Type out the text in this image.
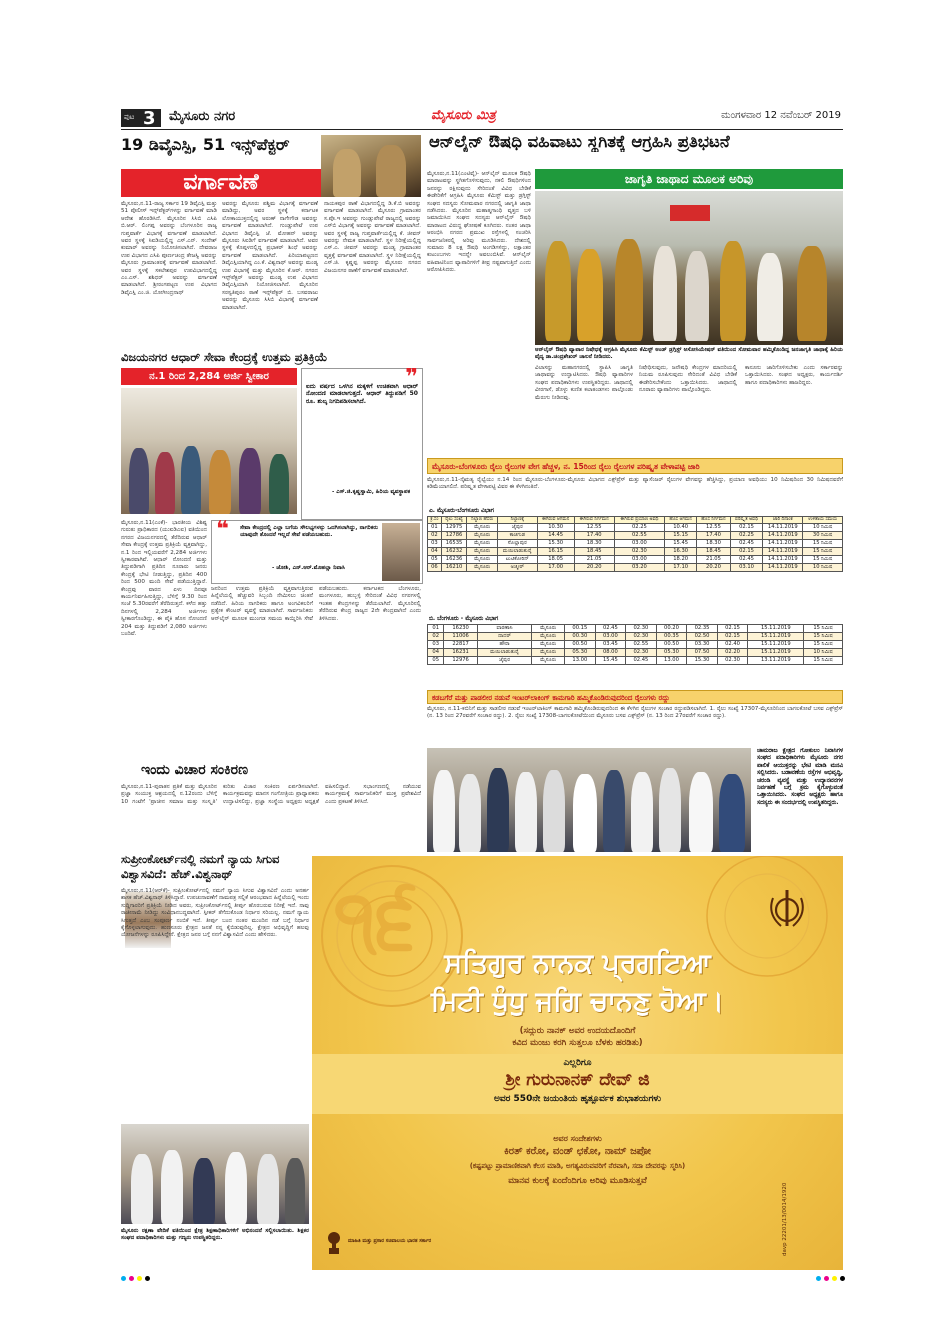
ಪುಟ 3 ಮೈಸೂರು ನಗರ	ಮೈಸೂರು ಮಿತ್ರ	ಮಂಗಳವಾರ 12 ನವೆಂಬರ್ 2019
19 ಡಿವೈಎಸ್ಪಿ, 51 ಇನ್ಸ್‌ಪೆಕ್ಟರ್
ವರ್ಗಾವಣೆ
ಮೈಸೂರು,ನ.11-ರಾಜ್ಯ ಸರ್ಕಾರ 19 ಡಿವೈಎಸ್ಪಿ ಮತ್ತು 51 ಪೊಲೀಸ್ ಇನ್ಸ್‌ಪೆಕ್ಟರ್‌ಗಳನ್ನು ವರ್ಗಾವಣೆ ಮಾಡಿ ಆದೇಶ ಹೊರಡಿಸಿದೆ. ಮೈಸೂರಿನ ಸಿಸಿಬಿ ಎಸಿಪಿ ಬಿ.ಆರ್. ಲಿಂಗಪ್ಪ ಅವರನ್ನು ಬೆಂಗಳೂರಿನ ರಾಜ್ಯ ಗುಪ್ತವಾರ್ತೆ ವಿಭಾಗಕ್ಕೆ ವರ್ಗಾವಣೆ ಮಾಡಲಾಗಿದೆ. ಅವರ ಸ್ಥಳಕ್ಕೆ ಸಿಐಡಿಯಲ್ಲಿದ್ದ ಎಸ್.ಎನ್. ಸಂದೇಶ್ ಕುಮಾರ್ ಅವರನ್ನು ನಿಯೋಜಿಸಲಾಗಿದೆ. ದೇವರಾಜ ಉಪ ವಿಭಾಗದ ಎಸಿಪಿ ಪೂರ್ಣಚಂದ್ರ ತೇಜಸ್ವಿ ಅವರನ್ನು ಮೈಸೂರು ಗ್ರಾಮಾಂತರಕ್ಕೆ ವರ್ಗಾವಣೆ ಮಾಡಲಾಗಿದೆ. ಅವರ ಸ್ಥಳಕ್ಕೆ ಸಕಲೇಶಪುರ ಉಪವಿಭಾಗದಲ್ಲಿದ್ದ ಎಂ.ಎಸ್. ಶಶಿಧರ್ ಅವರನ್ನು ವರ್ಗಾವಣೆ ಮಾಡಲಾಗಿದೆ. ಶ್ರೀರಂಗಪಟ್ಟಣ ಉಪ ವಿಭಾಗದ ಡಿವೈಎಸ್ಪಿ ಎಂ.ಜಿ. ಯೋಗೀಂದ್ರನಾಥ್
ಅವರನ್ನು ಮೈಸೂರು ಪಶ್ಚಿಮ ವಿಭಾಗಕ್ಕೆ ವರ್ಗಾವಣೆ ಮಾಡಿದ್ದು, ಅವರ ಸ್ಥಳಕ್ಕೆ ಕರ್ನಾಟಕ ಲೋಕಾಯುಕ್ತದಲ್ಲಿದ್ದ ಅರುಣ್ ನಾಗೇಗೌಡ ಅವರನ್ನು ವರ್ಗಾವಣೆ ಮಾಡಲಾಗಿದೆ. ಗುಂಡ್ಲುಪೇಟೆ ಉಪ ವಿಭಾಗದ ಡಿವೈಎಸ್ಪಿ ಜೆ. ಮೋಹನ್ ಅವರನ್ನು ಮೈಸೂರು ಸಿಐಡಿಗೆ ವರ್ಗಾವಣೆ ಮಾಡಲಾಗಿದೆ. ಅವರ ಸ್ಥಳಕ್ಕೆ ಕೊಪ್ಪಳದಲ್ಲಿದ್ದ ಪ್ರಭಾಕರ್ ಶಿಂಧೆ ಅವರನ್ನು ವರ್ಗಾವಣೆ ಮಾಡಲಾಗಿದೆ. ಪಿರಿಯಾಪಟ್ಟಣದ ಡಿವೈಎಸ್ಪಿಯಾಗಿದ್ದ ಎಂ.ಕೆ. ವಿಶ್ವನಾಥ್ ಅವರನ್ನು ಮಂಡ್ಯ ಉಪ ವಿಭಾಗಕ್ಕೆ ಮತ್ತು ಮೈಸೂರಿನ ಕೆ.ಆರ್. ನಗರದ ಇನ್ಸ್‌ಪೆಕ್ಟರ್ ಅವರನ್ನು ಮಂಡ್ಯ ಉಪ ವಿಭಾಗದ ಡಿವೈಎಸ್ಪಿಯಾಗಿ ನಿಯೋಜಿಸಲಾಗಿದೆ. ಮೈಸೂರಿನ ಸರಸ್ವತಿಪುರಂ ಠಾಣೆ ಇನ್ಸ್‌ಪೆಕ್ಟರ್ ಬಿ. ಬಸವರಾಜು ಅವರನ್ನು ಮೈಸೂರು ಸಿಸಿಬಿ ವಿಭಾಗಕ್ಕೆ ವರ್ಗಾವಣೆ ಮಾಡಲಾಗಿದೆ.
ನಾಯಕಪುರ ಠಾಣೆ ವಿಭಾಗದಲ್ಲಿದ್ದ ಡಿ.ಕೆ.ಬಿ ಅವರನ್ನು ವರ್ಗಾವಣೆ ಮಾಡಲಾಗಿದೆ. ಮೈಸೂರು ಗ್ರಾಮಾಂತರ ಸ.ಪೊ.ಇ ಅವರನ್ನು ಗುಂಡ್ಲುಪೇಟೆ ರಾಜ್ಯದಲ್ಲಿ ಅವರನ್ನು ಎಸ್‌ಬಿ ವಿಭಾಗಕ್ಕೆ ಅವರನ್ನು ವರ್ಗಾವಣೆ ಮಾಡಲಾಗಿದೆ. ಅವರ ಸ್ಥಳಕ್ಕೆ ರಾಜ್ಯ ಗುಪ್ತವಾರ್ತೆಯಲ್ಲಿದ್ದ ಕೆ. ಜೀವನ್ ಅವರನ್ನು ನೇಮಕ ಮಾಡಲಾಗಿದೆ. ಸ್ಥಳ ನಿರೀಕ್ಷೆಯಲ್ಲಿದ್ದ ಎಸ್.ಎ. ಜೀವನ್ ಅವರನ್ನು ಮಂಡ್ಯ ಗ್ರಾಮಾಂತರ ವೃತ್ತಕ್ಕೆ ವರ್ಗಾವಣೆ ಮಾಡಲಾಗಿದೆ. ಸ್ಥಳ ನಿರೀಕ್ಷೆಯಲ್ಲಿದ್ದ ಎಸ್.ಜಿ. ಕೃಷ್ಣಪ್ಪ ಅವರನ್ನು ಮೈಸೂರು ನಗರದ ವಿಜಯನಗರ ಠಾಣೆಗೆ ವರ್ಗಾವಣೆ ಮಾಡಲಾಗಿದೆ.
ಆನ್‌ಲೈನ್ ಔಷಧಿ ವಹಿವಾಟು ಸ್ಥಗಿತಕ್ಕೆ ಆಗ್ರಹಿಸಿ ಪ್ರತಿಭಟನೆ
ಜಾಗೃತಿ ಜಾಥಾದ ಮೂಲಕ ಅರಿವು
ಮೈಸೂರು,ನ.11(ಎಂಟಿವೈ)- ಆನ್‌ಲೈನ್ ಮೂಲಕ ಔಷಧಿ ಮಾರಾಟವನ್ನು ಸ್ಥಗಿತಗೊಳಿಸುವುದು, ನಕಲಿ ಔಷಧಿಗಳಿಂದ ಜನರನ್ನು ರಕ್ಷಿಸುವುದು ಸೇರಿದಂತೆ ವಿವಿಧ ಬೇಡಿಕೆ ಈಡೇರಿಕೆಗೆ ಆಗ್ರಹಿಸಿ ಮೈಸೂರು ಕೆಮಿಸ್ಟ್ ಮತ್ತು ಡ್ರಗ್ಗಿಸ್ಟ್ ಸಂಘದ ಸದಸ್ಯರು ಸೋಮವಾರ ನಗರದಲ್ಲಿ ಜಾಗೃತಿ ಜಾಥಾ ನಡೆಸಿದರು. ಮೈಸೂರಿನ ಮಹಾತ್ಮಗಾಂಧಿ ವೃತ್ತದ ಬಳಿ ಜಮಾಯಿಸಿದ ಸಂಘದ ಸದಸ್ಯರು ಆನ್‌ಲೈನ್ ಔಷಧಿ ಮಾರಾಟದ ವಿರುದ್ಧ ಘೋಷಣೆ ಕೂಗಿದರು. ನಂತರ ಜಾಥಾ ಆರಂಭಿಸಿ ನಗರದ ಪ್ರಮುಖ ರಸ್ತೆಗಳಲ್ಲಿ ಸಂಚರಿಸಿ ಸಾರ್ವಜನಿಕರಲ್ಲಿ ಅರಿವು ಮೂಡಿಸಿದರು. ದೇಶದಲ್ಲಿ ಸುಮಾರು 8 ಲಕ್ಷ ಔಷಧಿ ಅಂಗಡಿಗಳಿದ್ದು, ಲಕ್ಷಾಂತರ ಕುಟುಂಬಗಳು ಇದನ್ನೇ ಅವಲಂಬಿಸಿವೆ. ಆನ್‌ಲೈನ್ ವಹಿವಾಟಿನಿಂದ ವ್ಯಾಪಾರಿಗಳಿಗೆ ತೀವ್ರ ನಷ್ಟವಾಗುತ್ತಿದೆ ಎಂದು ಆರೋಪಿಸಿದರು.
ಆನ್‌ಲೈನ್ ಔಷಧಿ ವ್ಯಾಪಾರ ನಿಷೇಧಕ್ಕೆ ಆಗ್ರಹಿಸಿ ಮೈಸೂರು ಕೆಮಿಸ್ಟ್ ಅಂಡ್ ಡ್ರಗ್ಗಿಸ್ಟ್ ಅಸೋಸಿಯೇಷನ್ ವತಿಯಿಂದ ಸೋಮವಾರ ಹಮ್ಮಿಕೊಂಡಿದ್ದ ಜನಜಾಗೃತಿ ಜಾಥಾಕ್ಕೆ ಹಿರಿಯ ವೈದ್ಯ ಡಾ.ಚಂದ್ರಶೇಖರ್ ಚಾಲನೆ ನೀಡಿದರು.
ವಿಲಾಸನ್ನು ಮಹಾನಗರದಲ್ಲಿ ಸ್ಥಾಪಿಸಿ ಜಾಗೃತಿ ಜಾಥಾವನ್ನು ಉದ್ಘಾಟಿಸಿದರು. ಔಷಧಿ ವ್ಯಾಪಾರಿಗಳ ಸಂಘದ ಪದಾಧಿಕಾರಿಗಳು ಉಪಸ್ಥಿತರಿದ್ದರು. ಜಾಥಾದಲ್ಲಿ ವೀರಗಾಸೆ, ಡೊಳ್ಳು ಕುಣಿತ ಕಲಾತಂಡಗಳು ಪಾಲ್ಗೊಂಡು ಮೆರುಗು ನೀಡಿದವು.
ನಿಷೇಧಿಸುವುದು, ಜನೌಷಧಿ ಕೇಂದ್ರಗಳ ಮಾದರಿಯಲ್ಲಿ ನಿಯಮ ರೂಪಿಸುವುದು ಸೇರಿದಂತೆ ವಿವಿಧ ಬೇಡಿಕೆ ಈಡೇರಿಸಬೇಕೆಂದು ಒತ್ತಾಯಿಸಿದರು. ಜಾಥಾದಲ್ಲಿ ನೂರಾರು ವ್ಯಾಪಾರಿಗಳು ಪಾಲ್ಗೊಂಡಿದ್ದರು.
ಕಾನೂನು ಜಾರಿಗೊಳಿಸಬೇಕು ಎಂದು ಸರ್ಕಾರವನ್ನು ಒತ್ತಾಯಿಸಿದರು. ಸಂಘದ ಅಧ್ಯಕ್ಷರು, ಕಾರ್ಯದರ್ಶಿ ಹಾಗೂ ಪದಾಧಿಕಾರಿಗಳು ಹಾಜರಿದ್ದರು.
ವಿಜಯನಗರ ಆಧಾರ್ ಸೇವಾ ಕೇಂದ್ರಕ್ಕೆ ಉತ್ತಮ ಪ್ರತಿಕ್ರಿಯೆ
ನ.1 ರಿಂದ 2,284 ಅರ್ಜಿ ಸ್ವೀಕಾರ	❞
ಐದು ವರ್ಷದ ಒಳಗಿನ ಮಕ್ಕಳಿಗೆ ಉಚಿತವಾಗಿ ಆಧಾರ್ ನೋಂದಣಿ ಮಾಡಲಾಗುತ್ತದೆ. ಆಧಾರ್ ತಿದ್ದುಪಡಿಗೆ 50 ರೂ. ಶುಲ್ಕ ನಿಗದಿಪಡಿಸಲಾಗಿದೆ.
- ಎಸ್.ಜಿ.ಕೃಷ್ಣಸ್ವಾಮಿ, ಹಿರಿಯ ವ್ಯವಸ್ಥಾಪಕ
ಮೈಸೂರು,ನ.11(ಎಂಕೆ)- ಭಾರತೀಯ ವಿಶಿಷ್ಟ ಗುರುತು ಪ್ರಾಧಿಕಾರದ (ಯುಐಡಿಎಐ) ವತಿಯಿಂದ ನಗರದ ವಿಜಯನಗರದಲ್ಲಿ ತೆರೆದಿರುವ ಆಧಾರ್ ಸೇವಾ ಕೇಂದ್ರಕ್ಕೆ ಉತ್ತಮ ಪ್ರತಿಕ್ರಿಯೆ ವ್ಯಕ್ತವಾಗಿದ್ದು, ನ.1 ರಿಂದ ಇಲ್ಲಿಯವರೆಗೆ 2,284 ಅರ್ಜಿಗಳು ಸ್ವೀಕಾರವಾಗಿವೆ. ಆಧಾರ್ ನೋಂದಣಿ ಮತ್ತು ತಿದ್ದುಪಡಿಗಾಗಿ ಪ್ರತಿದಿನ ನೂರಾರು ಜನರು ಕೇಂದ್ರಕ್ಕೆ ಭೇಟಿ ನೀಡುತ್ತಿದ್ದು, ಪ್ರತಿದಿನ 400 ರಿಂದ 500 ಮಂದಿ ಸೇವೆ ಪಡೆಯುತ್ತಿದ್ದಾರೆ. ಕೇಂದ್ರವು ವಾರದ ಏಳು ದಿನವೂ ಕಾರ್ಯನಿರ್ವಹಿಸುತ್ತಿದ್ದು, ಬೆಳಿಗ್ಗೆ 9.30 ರಿಂದ ಸಂಜೆ 5.30ರವರೆಗೆ ತೆರೆದಿರುತ್ತದೆ. ಕಳೆದ ಹತ್ತು ದಿನಗಳಲ್ಲಿ 2,284 ಅರ್ಜಿಗಳು ಸ್ವೀಕಾರಗೊಂಡಿದ್ದು, ಈ ಪೈಕಿ ಹೊಸ ನೋಂದಣಿ 204 ಮತ್ತು ತಿದ್ದುಪಡಿಗೆ 2,080 ಅರ್ಜಿಗಳು ಬಂದಿವೆ.
❝ ಸೇವಾ ಕೇಂದ್ರದಲ್ಲಿ ಎಲ್ಲಾ ಬಗೆಯ ಸೌಲಭ್ಯಗಳನ್ನು ಒದಗಿಸಲಾಗಿದ್ದು, ನಾಗರಿಕರು ಯಾವುದೇ ತೊಂದರೆ ಇಲ್ಲದೆ ಸೇವೆ ಪಡೆಯಬಹುದು.
- ಜೋಶಿ, ಎನ್.ಆರ್.ಮೊಹಲ್ಲಾ ನಿವಾಸಿ
ಜನರಿಂದ ಉತ್ತಮ ಪ್ರತಿಕ್ರಿಯೆ ವ್ಯಕ್ತವಾಗುತ್ತಿರುವ ಹಿನ್ನೆಲೆಯಲ್ಲಿ ಹೆಚ್ಚುವರಿ ಸಿಬ್ಬಂದಿ ನೇಮಿಸಲು ಚಿಂತನೆ ನಡೆದಿದೆ. ಹಿರಿಯ ನಾಗರಿಕರು ಹಾಗೂ ಅಂಗವಿಕಲರಿಗೆ ಪ್ರತ್ಯೇಕ ಕೌಂಟರ್ ವ್ಯವಸ್ಥೆ ಮಾಡಲಾಗಿದೆ. ಸಾರ್ವಜನಿಕರು ಆನ್‌ಲೈನ್ ಮೂಲಕ ಮುಂಗಡ ಸಮಯ ಕಾಯ್ದಿರಿಸಿ ಸೇವೆ ಪಡೆಯಬಹುದು. ಕರ್ನಾಟಕದ ಬೆಂಗಳೂರು, ಮಂಗಳೂರು, ಹುಬ್ಬಳ್ಳಿ ಸೇರಿದಂತೆ ವಿವಿಧ ನಗರಗಳಲ್ಲಿ ಇಂತಹ ಕೇಂದ್ರಗಳನ್ನು ತೆರೆಯಲಾಗಿದೆ. ಮೈಸೂರಿನಲ್ಲಿ ತೆರೆದಿರುವ ಕೇಂದ್ರ ರಾಜ್ಯದ 2ನೇ ಕೇಂದ್ರವಾಗಿದೆ ಎಂದು ತಿಳಿಸಿದರು.
ಇಂದು ವಿಚಾರ ಸಂಕಿರಣ
ಮೈಸೂರು,ನ.11-ಪುರಾತನ ಪ್ರತಿಕೆ ಮತ್ತು ಮೈಸೂರಿನ ಪ್ರಜ್ಞಾ ಸಂಯುಕ್ತ ಆಶ್ರಯದಲ್ಲಿ ನ.12ರಂದು ಬೆಳಿಗ್ಗೆ 10 ಗಂಟೆಗೆ 'ಪ್ರಾಚೀನ ಸಮಾಜ ಮತ್ತು ಸಂಸ್ಕೃತಿ' ಕುರಿತು ವಿಚಾರ ಸಂಕಿರಣ ಏರ್ಪಡಿಸಲಾಗಿದೆ. ಕಾರ್ಯಕ್ರಮವನ್ನು ಮಾನಸ ಗಂಗೋತ್ರಿಯ ಪ್ರಾಧ್ಯಾಪಕರು ಉದ್ಘಾಟಿಸಲಿದ್ದು, ಪ್ರಜ್ಞಾ ಸಂಸ್ಥೆಯ ಅಧ್ಯಕ್ಷರು ಅಧ್ಯಕ್ಷತೆ ವಹಿಸಲಿದ್ದಾರೆ. ಸಭಾಂಗಣದಲ್ಲಿ ನಡೆಯುವ ಕಾರ್ಯಕ್ರಮಕ್ಕೆ ಸಾರ್ವಜನಿಕರಿಗೆ ಮುಕ್ತ ಪ್ರವೇಶವಿದೆ ಎಂದು ಪ್ರಕಟಣೆ ತಿಳಿಸಿದೆ.
ಸುಪ್ರೀಂಕೋರ್ಟ್‌ನಲ್ಲಿ ನಮಗೆ ನ್ಯಾಯ ಸಿಗುವ ವಿಶ್ವಾಸವಿದೆ: ಹೆಚ್.ವಿಶ್ವನಾಥ್
ಮೈಸೂರು,ನ.11(ಆರ್‌ಕೆ)- ಸುಪ್ರೀಂಕೋರ್ಟ್‌ನಲ್ಲಿ ನಮಗೆ ನ್ಯಾಯ ಸಿಗುವ ವಿಶ್ವಾಸವಿದೆ ಎಂದು ಅನರ್ಹ ಶಾಸಕ ಹೆಚ್.ವಿಶ್ವನಾಥ್ ತಿಳಿಸಿದ್ದಾರೆ. ಉಪಚುನಾವಣೆಗೆ ನಾಮಪತ್ರ ಸಲ್ಲಿಕೆ ಆರಂಭವಾದ ಹಿನ್ನೆಲೆಯಲ್ಲಿ ಇಂದು ಸುದ್ದಿಗಾರರಿಗೆ ಪ್ರತಿಕ್ರಿಯೆ ನೀಡಿದ ಅವರು, ಸುಪ್ರೀಂಕೋರ್ಟ್‌ನಲ್ಲಿ ತೀರ್ಪು ಹೊರಬರುವ ನಿರೀಕ್ಷೆ ಇದೆ. ನಾವು ರಾಜೀನಾಮೆ ನೀಡಿದ್ದು ಸಂವಿಧಾನಬದ್ಧವಾಗಿದೆ. ಸ್ಪೀಕರ್ ತೆಗೆದುಕೊಂಡ ನಿರ್ಧಾರ ಸರಿಯಲ್ಲ. ನಮಗೆ ನ್ಯಾಯ ಸಿಗುತ್ತದೆ ಎಂಬ ಸಂಪೂರ್ಣ ನಂಬಿಕೆ ಇದೆ. ತೀರ್ಪು ಬಂದ ನಂತರ ಮುಂದಿನ ನಡೆ ಬಗ್ಗೆ ನಿರ್ಧಾರ ಕೈಗೊಳ್ಳಲಾಗುವುದು. ಹುಣಸೂರು ಕ್ಷೇತ್ರದ ಜನತೆ ನನ್ನ ಕೈಬಿಡುವುದಿಲ್ಲ. ಕ್ಷೇತ್ರದ ಅಭಿವೃದ್ಧಿಗೆ ಹಲವು ಯೋಜನೆಗಳನ್ನು ರೂಪಿಸಿದ್ದೇನೆ. ಕ್ಷೇತ್ರದ ಜನರ ಬಗ್ಗೆ ನನಗೆ ವಿಶ್ವಾಸವಿದೆ ಎಂದು ಹೇಳಿದರು.
ಮೈಸೂರು ರಕ್ಷಣಾ ವೇದಿಕೆ ವತಿಯಿಂದ ಕ್ಷೇತ್ರ ಶಿಕ್ಷಣಾಧಿಕಾರಿಗಳಿಗೆ ಅಭಿನಂದನೆ ಸಲ್ಲಿಸಲಾಯಿತು. ಶಿಕ್ಷಕರ ಸಂಘದ ಪದಾಧಿಕಾರಿಗಳು ಮತ್ತು ಗಣ್ಯರು ಉಪಸ್ಥಿತರಿದ್ದರು.
ಮೈಸೂರು-ಬೆಂಗಳೂರು ರೈಲು ರೈಲುಗಳ ವೇಗ ಹೆಚ್ಚಳ, ನ. 15ರಿಂದ ರೈಲು ರೈಲುಗಳ ಪರಿಷ್ಕೃತ ವೇಳಾಪಟ್ಟಿ ಜಾರಿ
ಮೈಸೂರು,ನ.11-ನೈಋತ್ಯ ರೈಲ್ವೆಯು ನ.14 ರಿಂದ ಮೈಸೂರು-ಬೆಂಗಳೂರು-ಮೈಸೂರು ವಿಭಾಗದ ಎಕ್ಸ್‌ಪ್ರೆಸ್ ಮತ್ತು ಪ್ಯಾಸೆಂಜರ್ ರೈಲುಗಳ ವೇಗವನ್ನು ಹೆಚ್ಚಿಸಿದ್ದು, ಪ್ರಯಾಣ ಅವಧಿಯು 10 ನಿಮಿಷದಿಂದ 30 ನಿಮಿಷದವರೆಗೆ ಕಡಿಮೆಯಾಗಲಿದೆ. ಪರಿಷ್ಕೃತ ವೇಳಾಪಟ್ಟಿ ವಿವರ ಈ ಕೆಳಗಿನಂತಿದೆ.
ಎ. ಮೈಸೂರು-ಬೆಂಗಳೂರು ವಿಭಾಗ
ಕ್ರ.ಸಂ	ರೈಲು ಸಂಖ್ಯೆ	ನಿಲ್ದಾಣ ಹೆಸರು	ನಿಲ್ದಾಣಕ್ಕೆ	ಈಗಿರುವ ಆಗಮನ	ಈಗಿರುವ ನಿರ್ಗಮನ	ಈಗಿರುವ ಪ್ರಯಾಣ ಅವಧಿ	ಹೊಸ ಆಗಮನ	ಹೊಸ ನಿರ್ಗಮನ	ಪರಿಷ್ಕೃತ ಅವಧಿ	ಜಾರಿ ದಿನಾಂಕ	ಉಳಿತಾಯ ಸಮಯ
01	12975	ಮೈಸೂರು	ಜೈಪುರ	10.30	12.55	02.25	10.40	12.55	02.15	14.11.2019	10 ನಿಮಿಷ
02	12786	ಮೈಸೂರು	ಕಾಚಿಗುಡ	14.45	17.40	02.55	15.15	17.40	02.25	14.11.2019	30 ನಿಮಿಷ
03	16535	ಮೈಸೂರು	ಸೊಲ್ಲಾಪುರ	15.30	18.30	03.00	15.45	18.30	02.45	14.11.2019	15 ನಿಮಿಷ
04	16232	ಮೈಸೂರು	ಮಯಿಲಾಡುತುರೈ	16.15	18.45	02.30	16.30	18.45	02.15	14.11.2019	15 ನಿಮಿಷ
05	16236	ಮೈಸೂರು	ಟುಟಿಕೋರಿನ್	18.05	21.05	03.00	18.20	21.05	02.45	14.11.2019	15 ನಿಮಿಷ
06	16210	ಮೈಸೂರು	ಅಜ್ಮೀರ್	17.00	20.20	03.20	17.10	20.20	03.10	14.11.2019	10 ನಿಮಿಷ
ಬಿ. ಬೆಂಗಳೂರು - ಮೈಸೂರು ವಿಭಾಗ
01	16230	ವಾರಣಾಸಿ	ಮೈಸೂರು	00.15	02.45	02.30	00.20	02.35	02.15	15.11.2019	15 ನಿಮಿಷ
02	11006	ದಾದರ್	ಮೈಸೂರು	00.30	03.00	02.30	00.35	02.50	02.15	15.11.2019	15 ನಿಮಿಷ
03	22817	ಹೌರಾ	ಮೈಸೂರು	00.50	03.45	02.55	00.50	03.30	02.40	15.11.2019	15 ನಿಮಿಷ
04	16231	ಮಯಿಲಾಡುತುರೈ	ಮೈಸೂರು	05.30	08.00	02.30	05.30	07.50	02.20	15.11.2019	10 ನಿಮಿಷ
05	12976	ಜೈಪುರ	ಮೈಸೂರು	13.00	15.45	02.45	13.00	15.30	02.30	13.11.2019	15 ನಿಮಿಷ
ಕಡಬಗೆರೆ ಮತ್ತು ಪಾಡಲೀರ ನಡುವೆ ಇಂಟರ್‌ಲಾಕಿಂಗ್ ಕಾಮಗಾರಿ ಹಮ್ಮಿಕೊಂಡಿರುವುದರಿಂದ ರೈಲುಗಳು ರದ್ದು
ಮೈಸೂರು, ನ.11-ಕಬಿನಿಗೆ ಮತ್ತು ಸಾಡಲೀರ ನಡುವೆ ಇಂಟರ್‌ಲಾಕಿಂಗ್ ಕಾಮಗಾರಿ ಹಮ್ಮಿಕೊಂಡಿರುವುದರಿಂದ ಈ ಕೆಳಗಿನ ರೈಲುಗಳ ಸಂಚಾರ ರದ್ದುಪಡಿಸಲಾಗಿದೆ. 1. ರೈಲು ಸಂಖ್ಯೆ 17307-ಮೈಸೂರಿನಿಂದ ಬಾಗಲಕೋಟೆ ಬಸವ ಎಕ್ಸ್‌ಪ್ರೆಸ್ (ನ. 13 ರಿಂದ 27ರವರೆಗೆ ಸಂಚಾರ ರದ್ದು). 2. ರೈಲು ಸಂಖ್ಯೆ 17308-ಬಾಗಲಕೋಟೆಯಿಂದ ಮೈಸೂರು ಬಸವ ಎಕ್ಸ್‌ಪ್ರೆಸ್ (ನ. 13 ರಿಂದ 27ರವರೆಗೆ ಸಂಚಾರ ರದ್ದು).
ಚಾಮರಾಜ ಕ್ಷೇತ್ರದ ಗೋಕುಲಂ ನಿವಾಸಿಗಳ ಸಂಘದ ಪದಾಧಿಕಾರಿಗಳು ಮೈಸೂರು ನಗರ ಪಾಲಿಕೆ ಆಯುಕ್ತರನ್ನು ಭೇಟಿ ಮಾಡಿ ಮನವಿ ಸಲ್ಲಿಸಿದರು. ಬಡಾವಣೆಯ ರಸ್ತೆಗಳ ಅಭಿವೃದ್ಧಿ, ಚರಂಡಿ ವ್ಯವಸ್ಥೆ ಮತ್ತು ಉದ್ಯಾನವನಗಳ ನಿರ್ವಹಣೆ ಬಗ್ಗೆ ಕ್ರಮ ಕೈಗೊಳ್ಳುವಂತೆ ಒತ್ತಾಯಿಸಿದರು. ಸಂಘದ ಅಧ್ಯಕ್ಷರು ಹಾಗೂ ಸದಸ್ಯರು ಈ ಸಂದರ್ಭದಲ್ಲಿ ಉಪಸ್ಥಿತರಿದ್ದರು.
੧੬	ਸਤਿਗੁਰ ਨਾਨਕ ਪ੍ਰਗਟਿਆ
ਮਿਟੀ ਧੁੰਧੁ ਜਗਿ ਚਾਨਣੁ ਹੋਆ।
(ಸದ್ಗುರು ನಾನಕ್ ಅವರ ಉದಯದೊಂದಿಗೆ
ಕವಿದ ಮಂಜು ಕರಗಿ ಸುತ್ತಲೂ ಬೆಳಕು ಹರಡಿತು)
ಎಲ್ಲರಿಗೂ
ಶ್ರೀ ಗುರುನಾನಕ್ ದೇವ್ ಜಿ
ಅವರ 550ನೇ ಜಯಂತಿಯ ಹೃತ್ಪೂರ್ವಕ ಶುಭಾಶಯಗಳು
ಅವರ ಸಂದೇಶಗಳು
ಕಿರತ್ ಕರೋ, ವಂಡ್ ಛಕೋ, ನಾಮ್ ಜಪೋ
(ಕಷ್ಟಪಟ್ಟು ಪ್ರಾಮಾಣಿಕವಾಗಿ ಕೆಲಸ ಮಾಡಿ, ಅಗತ್ಯವಿರುವವರಿಗೆ ನೆರವಾಗಿ, ಸದಾ ದೇವರನ್ನು ಸ್ಮರಿಸಿ)
ಮಾನವ ಕುಲಕ್ಕೆ ಏಂದೆಂದಿಗೂ ಅರಿವು ಮೂಡಿಸುತ್ತವೆ
ಮಾಹಿತಿ ಮತ್ತು ಪ್ರಸಾರ ಸಚಿವಾಲಯ ಭಾರತ ಸರ್ಕಾರ	davp 22201/13/0014/1920
